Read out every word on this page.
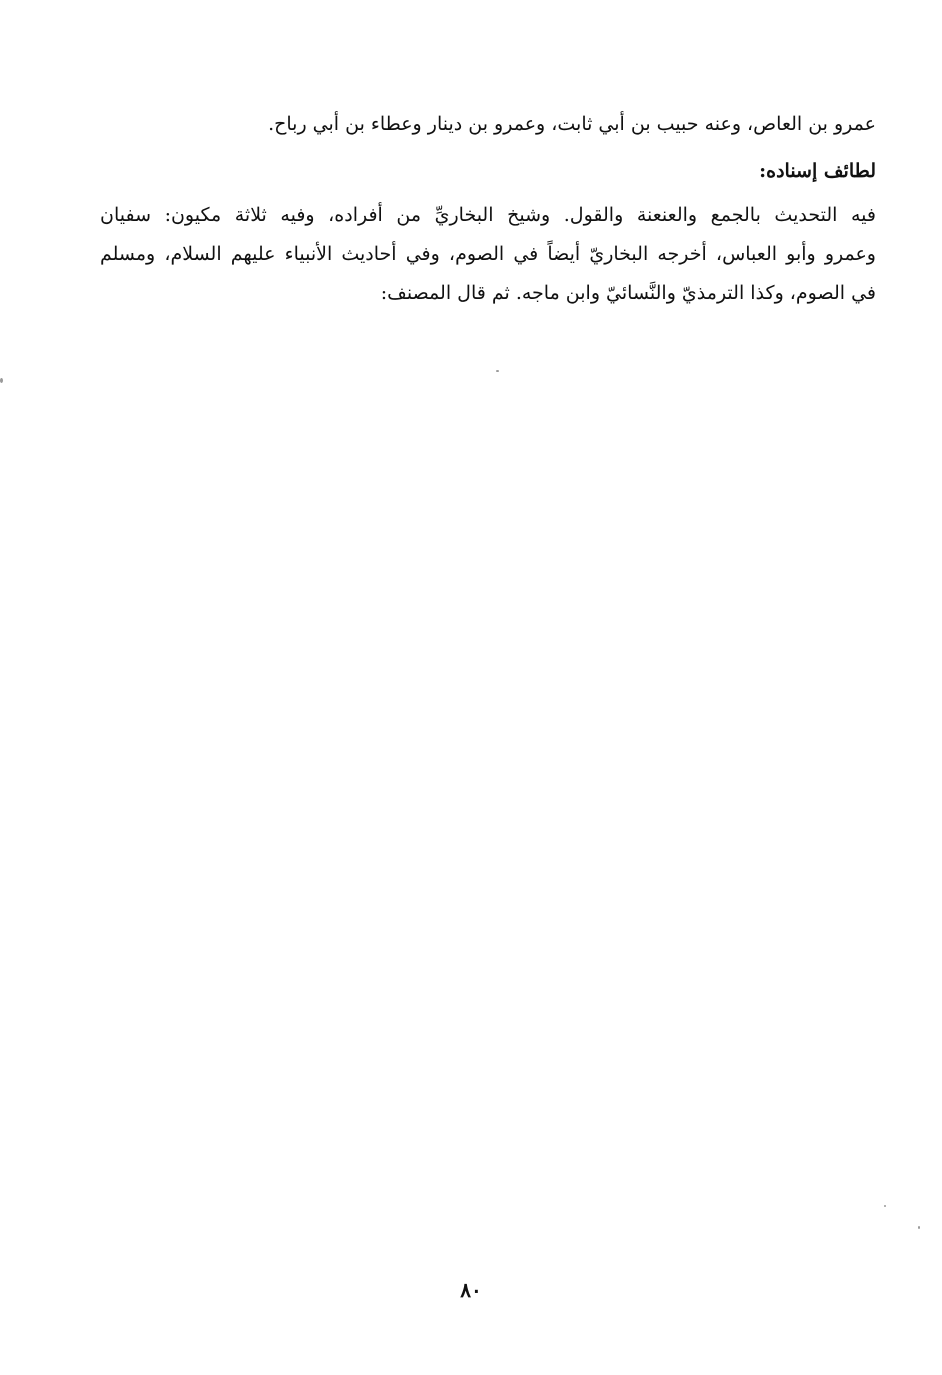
عمرو بن العاص، وعنه حبيب بن أبي ثابت، وعمرو بن دينار وعطاء بن أبي رباح.
لطائف إسناده:
فيه التحديث بالجمع والعنعنة والقول. وشيخ البخاريِّ من أفراده، وفيه ثلاثة مكيون: سفيان
وعمرو وأبو العباس، أخرجه البخاريّ أيضاً في الصوم، وفي أحاديث الأنبياء عليهم السلام، ومسلم
في الصوم، وكذا الترمذيّ والنَّسائيّ وابن ماجه. ثم قال المصنف:
٨٠
